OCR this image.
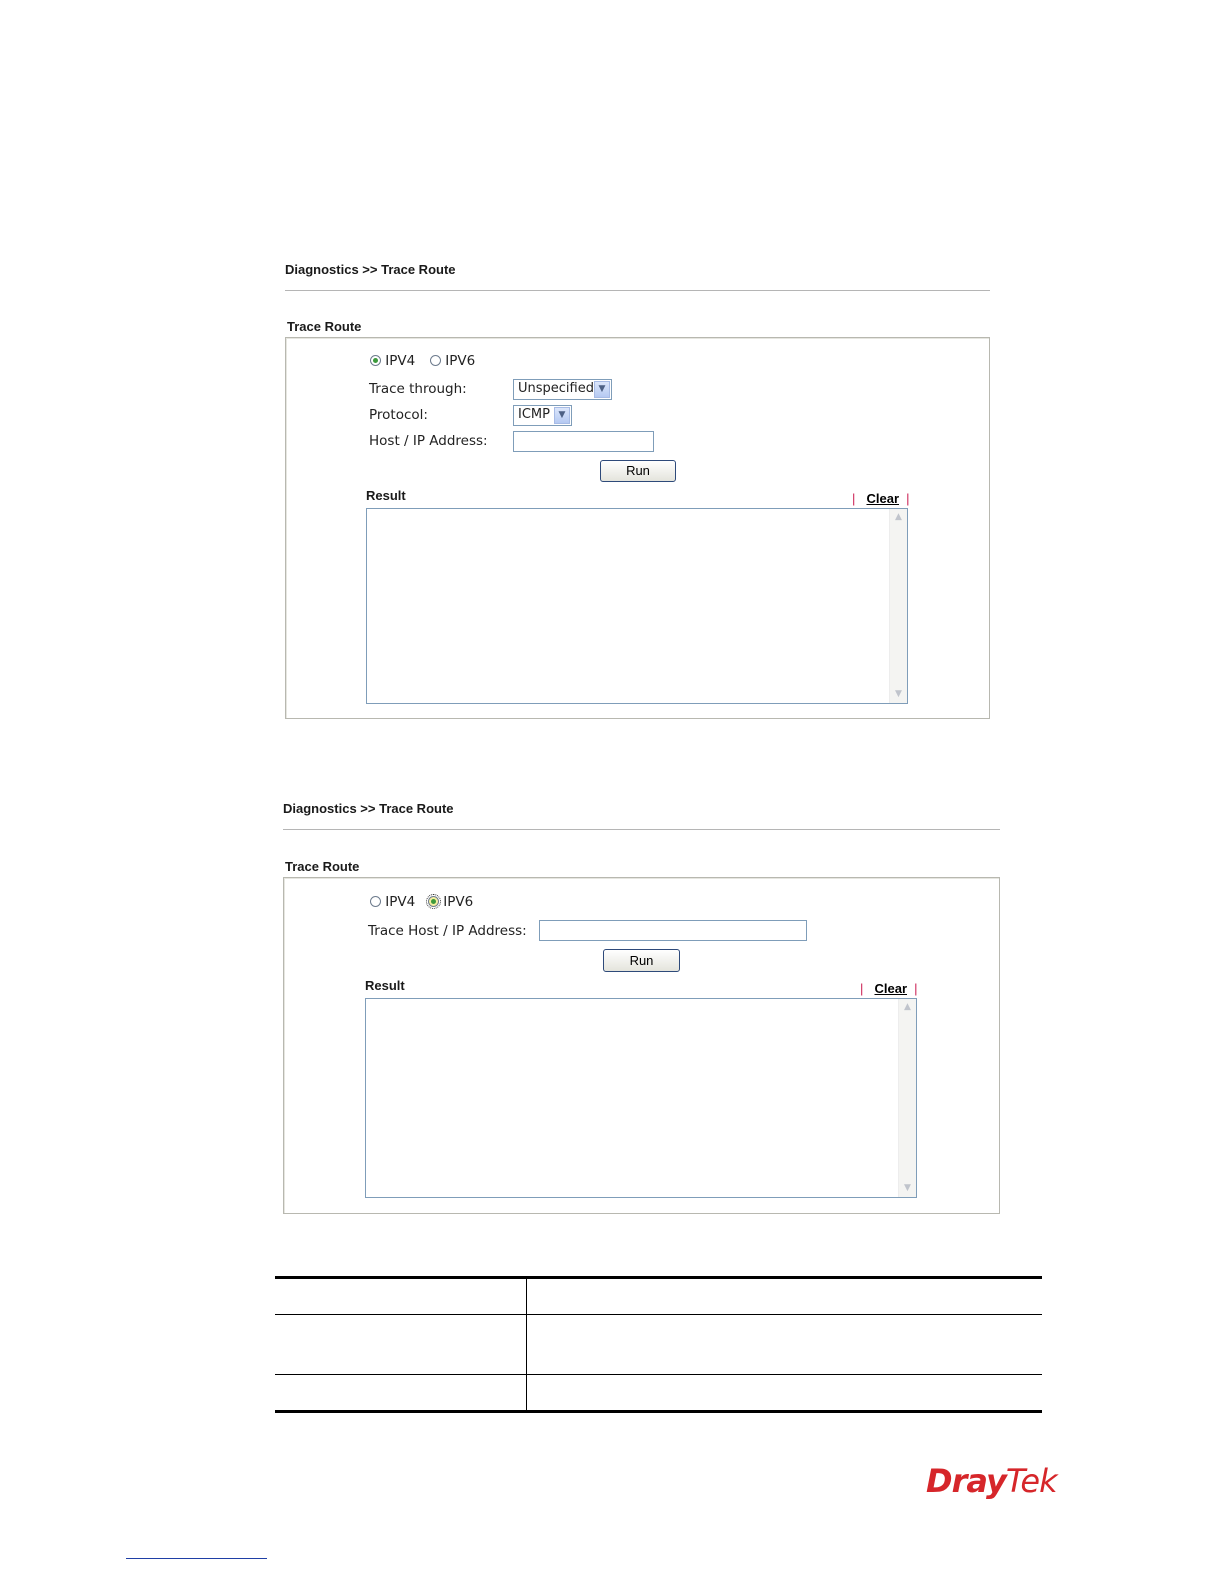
Diagnostics >> Trace Route
Trace Route
IPV4	IPV6
Trace through:	Unspecified ▼
Protocol:	ICMP ▼
Host / IP Address:
Run
Result	| Clear |
▲
▼
Diagnostics >> Trace Route
Trace Route
IPV4	IPV6
Trace Host / IP Address:
Run
Result	| Clear |
▲
▼
DrayTek
